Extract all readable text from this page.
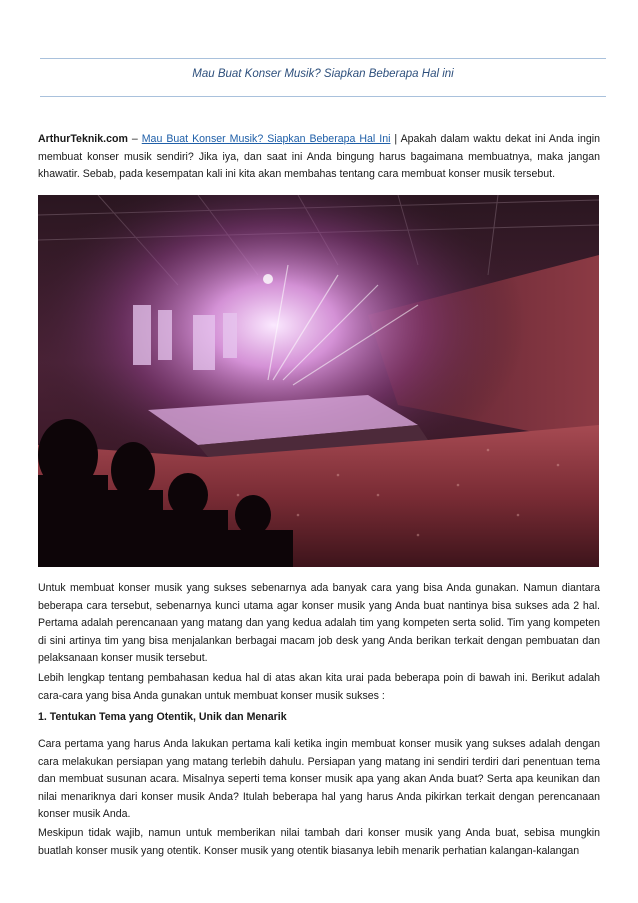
Mau Buat Konser Musik? Siapkan Beberapa Hal ini

ArthurTeknik.com – Mau Buat Konser Musik? Siapkan Beberapa Hal Ini | Apakah dalam waktu dekat ini Anda ingin membuat konser musik sendiri? Jika iya, dan saat ini Anda bingung harus bagaimana membuatnya, maka jangan khawatir. Sebab, pada kesempatan kali ini kita akan membahas tentang cara membuat konser musik tersebut.

Untuk membuat konser musik yang sukses sebenarnya ada banyak cara yang bisa Anda gunakan. Namun diantara beberapa cara tersebut, sebenarnya kunci utama agar konser musik yang Anda buat nantinya bisa sukses ada 2 hal. Pertama adalah perencanaan yang matang dan yang kedua adalah tim yang kompeten serta solid. Tim yang kompeten di sini artinya tim yang bisa menjalankan berbagai macam job desk yang Anda berikan terkait dengan pembuatan dan pelaksanaan konser musik tersebut.

Lebih lengkap tentang pembahasan kedua hal di atas akan kita urai pada beberapa poin di bawah ini. Berikut adalah cara-cara yang bisa Anda gunakan untuk membuat konser musik sukses :

1. Tentukan Tema yang Otentik, Unik dan Menarik

Cara pertama yang harus Anda lakukan pertama kali ketika ingin membuat konser musik yang sukses adalah dengan cara melakukan persiapan yang matang terlebih dahulu. Persiapan yang matang ini sendiri terdiri dari penentuan tema dan membuat susunan acara. Misalnya seperti tema konser musik apa yang akan Anda buat? Serta apa keunikan dan nilai menariknya dari konser musik Anda? Itulah beberapa hal yang harus Anda pikirkan terkait dengan perencanaan konser musik Anda.

Meskipun tidak wajib, namun untuk memberikan nilai tambah dari konser musik yang Anda buat, sebisa mungkin buatlah konser musik yang otentik. Konser musik yang otentik biasanya lebih menarik perhatian kalangan-kalangan
